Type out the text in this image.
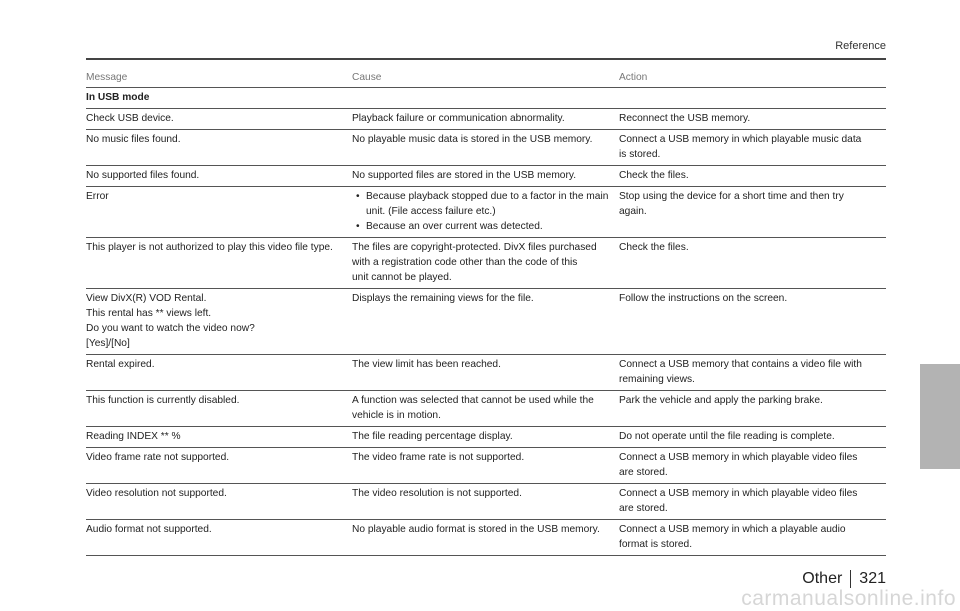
Reference
Message	Cause	Action
In USB mode		

Check USB device.	Playback failure or communication abnormality.	Reconnect the USB memory.

No music files found.	No playable music data is stored in the USB memory.	Connect a USB memory in which playable music data
is stored.

No supported files found.	No supported files are stored in the USB memory.	Check the files.

Error	• Because playback stopped due to a factor in the main unit. (File access failure etc.)
• Because an over current was detected.	Stop using the device for a short time and then try
again.

This player is not authorized to play this video file type.	The files are copyright-protected. DivX files purchased
with a registration code other than the code of this
unit cannot be played.	Check the files.

View DivX(R) VOD Rental.
This rental has ** views left.
Do you want to watch the video now?
[Yes]/[No]	Displays the remaining views for the file.	Follow the instructions on the screen.

Rental expired.	The view limit has been reached.	Connect a USB memory that contains a video file with
remaining views.

This function is currently disabled.	A function was selected that cannot be used while the
vehicle is in motion.	Park the vehicle and apply the parking brake.

Reading INDEX ** %	The file reading percentage display.	Do not operate until the file reading is complete.

Video frame rate not supported.	The video frame rate is not supported.	Connect a USB memory in which playable video files
are stored.

Video resolution not supported.	The video resolution is not supported.	Connect a USB memory in which playable video files
are stored.

Audio format not supported.	No playable audio format is stored in the USB memory.	Connect a USB memory in which a playable audio
format is stored.
Other 321
carmanualsonline.info
